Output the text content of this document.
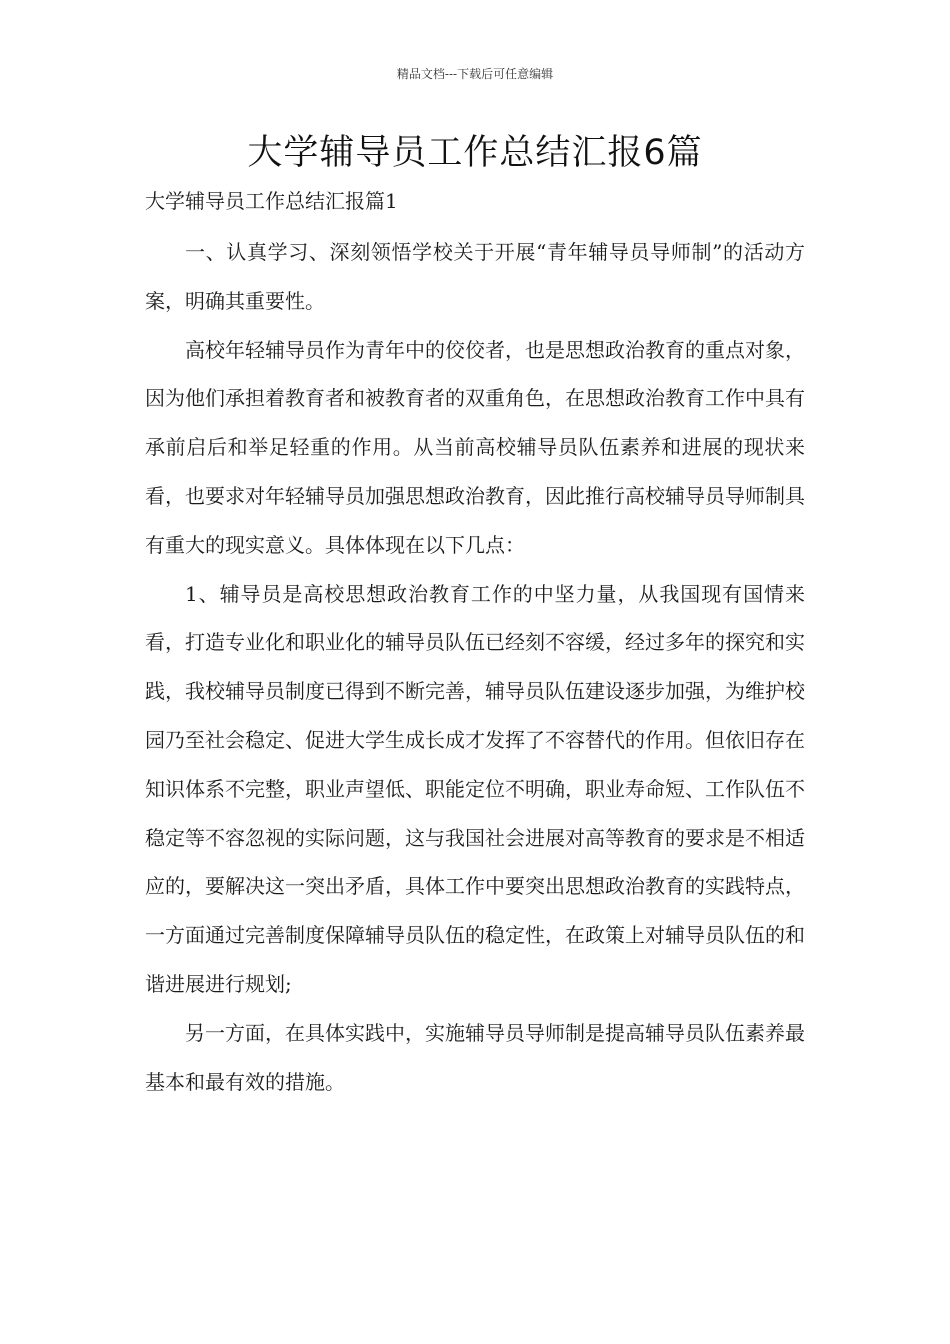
精品文档---下载后可任意编辑
大学辅导员工作总结汇报6篇
大学辅导员工作总结汇报篇1

一、认真学习、深刻领悟学校关于开展“青年辅导员导师制”的活动方案，明确其重要性。

高校年轻辅导员作为青年中的佼佼者，也是思想政治教育的重点对象，因为他们承担着教育者和被教育者的双重角色，在思想政治教育工作中具有承前启后和举足轻重的作用。从当前高校辅导员队伍素养和进展的现状来看，也要求对年轻辅导员加强思想政治教育，因此推行高校辅导员导师制具有重大的现实意义。具体体现在以下几点：

1、辅导员是高校思想政治教育工作的中坚力量，从我国现有国情来看，打造专业化和职业化的辅导员队伍已经刻不容缓，经过多年的探究和实践，我校辅导员制度已得到不断完善，辅导员队伍建设逐步加强，为维护校园乃至社会稳定、促进大学生成长成才发挥了不容替代的作用。但依旧存在知识体系不完整，职业声望低、职能定位不明确，职业寿命短、工作队伍不稳定等不容忽视的实际问题，这与我国社会进展对高等教育的要求是不相适应的，要解决这一突出矛盾，具体工作中要突出思想政治教育的实践特点，一方面通过完善制度保障辅导员队伍的稳定性，在政策上对辅导员队伍的和谐进展进行规划;

另一方面，在具体实践中，实施辅导员导师制是提高辅导员队伍素养最基本和最有效的措施。
